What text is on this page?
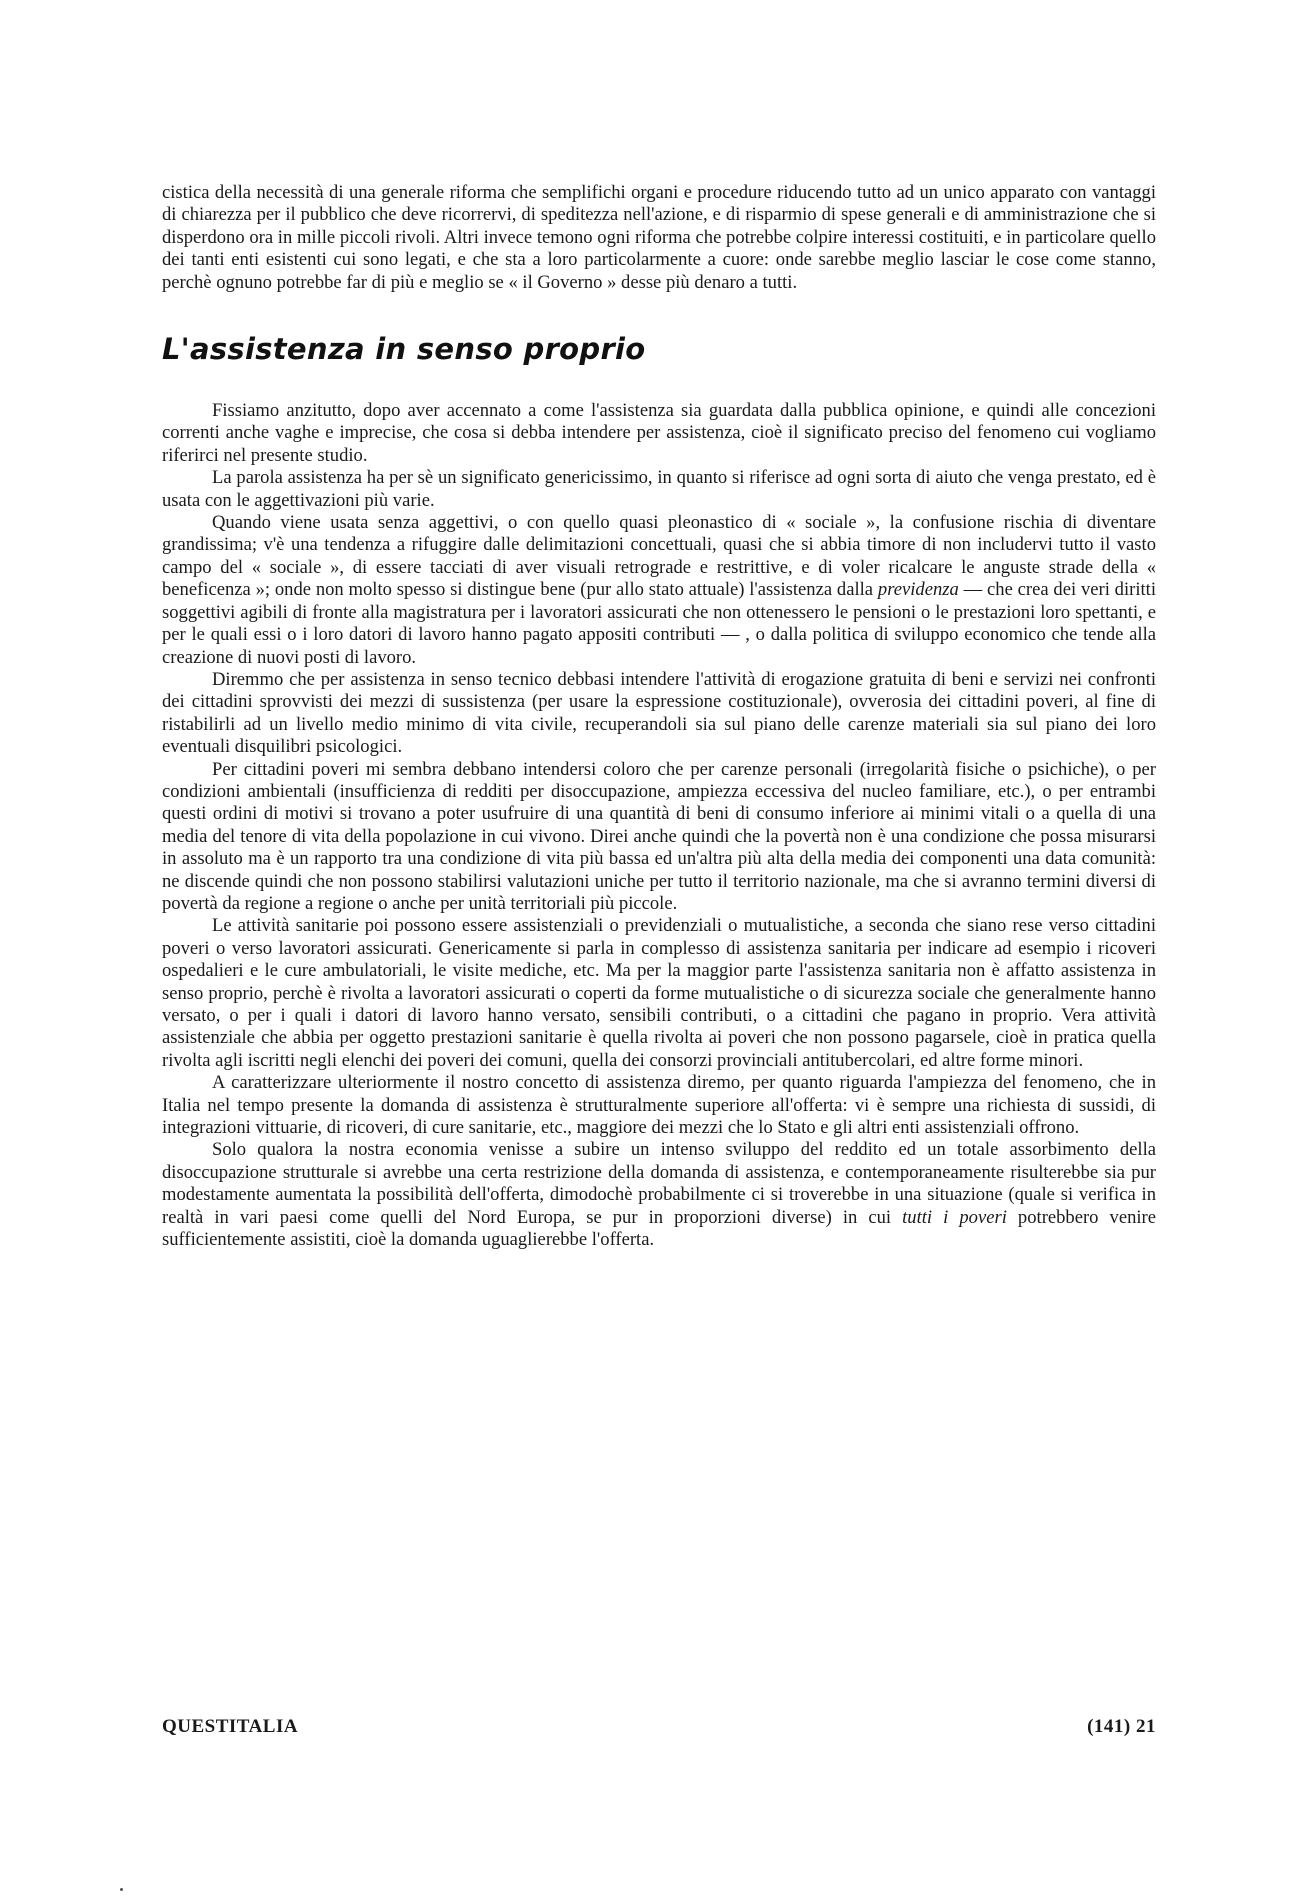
cistica della necessità di una generale riforma che semplifichi organi e procedure riducendo tutto ad un unico apparato con vantaggi di chiarezza per il pubblico che deve ricorrervi, di speditezza nell'azione, e di risparmio di spese generali e di amministrazione che si disperdono ora in mille piccoli rivoli. Altri invece temono ogni riforma che potrebbe colpire interessi costituiti, e in particolare quello dei tanti enti esistenti cui sono legati, e che sta a loro particolarmente a cuore: onde sarebbe meglio lasciar le cose come stanno, perchè ognuno potrebbe far di più e meglio se « il Governo » desse più denaro a tutti.

L'assistenza in senso proprio

Fissiamo anzitutto, dopo aver accennato a come l'assistenza sia guardata dalla pubblica opinione, e quindi alle concezioni correnti anche vaghe e imprecise, che cosa si debba intendere per assistenza, cioè il significato preciso del fenomeno cui vogliamo riferirci nel presente studio.

La parola assistenza ha per sè un significato genericissimo, in quanto si riferisce ad ogni sorta di aiuto che venga prestato, ed è usata con le aggettivazioni più varie.

Quando viene usata senza aggettivi, o con quello quasi pleonastico di « sociale », la confusione rischia di diventare grandissima; v'è una tendenza a rifuggire dalle delimitazioni concettuali, quasi che si abbia timore di non includervi tutto il vasto campo del « sociale », di essere tacciati di aver visuali retrograde e restrittive, e di voler ricalcare le anguste strade della « beneficenza »; onde non molto spesso si distingue bene (pur allo stato attuale) l'assistenza dalla previdenza — che crea dei veri diritti soggettivi agibili di fronte alla magistratura per i lavoratori assicurati che non ottenessero le pensioni o le prestazioni loro spettanti, e per le quali essi o i loro datori di lavoro hanno pagato appositi contributi — , o dalla politica di sviluppo economico che tende alla creazione di nuovi posti di lavoro.

Diremmo che per assistenza in senso tecnico debbasi intendere l'attività di erogazione gratuita di beni e servizi nei confronti dei cittadini sprovvisti dei mezzi di sussistenza (per usare la espressione costituzionale), ovverosia dei cittadini poveri, al fine di ristabilirli ad un livello medio minimo di vita civile, recuperandoli sia sul piano delle carenze materiali sia sul piano dei loro eventuali disquilibri psicologici.

Per cittadini poveri mi sembra debbano intendersi coloro che per carenze personali (irregolarità fisiche o psichiche), o per condizioni ambientali (insufficienza di redditi per disoccupazione, ampiezza eccessiva del nucleo familiare, etc.), o per entrambi questi ordini di motivi si trovano a poter usufruire di una quantità di beni di consumo inferiore ai minimi vitali o a quella di una media del tenore di vita della popolazione in cui vivono. Direi anche quindi che la povertà non è una condizione che possa misurarsi in assoluto ma è un rapporto tra una condizione di vita più bassa ed un'altra più alta della media dei componenti una data comunità: ne discende quindi che non possono stabilirsi valutazioni uniche per tutto il territorio nazionale, ma che si avranno termini diversi di povertà da regione a regione o anche per unità territoriali più piccole.

Le attività sanitarie poi possono essere assistenziali o previdenziali o mutualistiche, a seconda che siano rese verso cittadini poveri o verso lavoratori assicurati. Genericamente si parla in complesso di assistenza sanitaria per indicare ad esempio i ricoveri ospedalieri e le cure ambulatoriali, le visite mediche, etc. Ma per la maggior parte l'assistenza sanitaria non è affatto assistenza in senso proprio, perchè è rivolta a lavoratori assicurati o coperti da forme mutualistiche o di sicurezza sociale che generalmente hanno versato, o per i quali i datori di lavoro hanno versato, sensibili contributi, o a cittadini che pagano in proprio. Vera attività assistenziale che abbia per oggetto prestazioni sanitarie è quella rivolta ai poveri che non possono pagarsele, cioè in pratica quella rivolta agli iscritti negli elenchi dei poveri dei comuni, quella dei consorzi provinciali antitubercolari, ed altre forme minori.

A caratterizzare ulteriormente il nostro concetto di assistenza diremo, per quanto riguarda l'ampiezza del fenomeno, che in Italia nel tempo presente la domanda di assistenza è strutturalmente superiore all'offerta: vi è sempre una richiesta di sussidi, di integrazioni vittuarie, di ricoveri, di cure sanitarie, etc., maggiore dei mezzi che lo Stato e gli altri enti assistenziali offrono.

Solo qualora la nostra economia venisse a subire un intenso sviluppo del reddito ed un totale assorbimento della disoccupazione strutturale si avrebbe una certa restrizione della domanda di assistenza, e contemporaneamente risulterebbe sia pur modestamente aumentata la possibilità dell'offerta, dimodochè probabilmente ci si troverebbe in una situazione (quale si verifica in realtà in vari paesi come quelli del Nord Europa, se pur in proporzioni diverse) in cui tutti i poveri potrebbero venire sufficientemente assistiti, cioè la domanda uguaglierebbe l'offerta.

QUESTITALIA	(141) 21
